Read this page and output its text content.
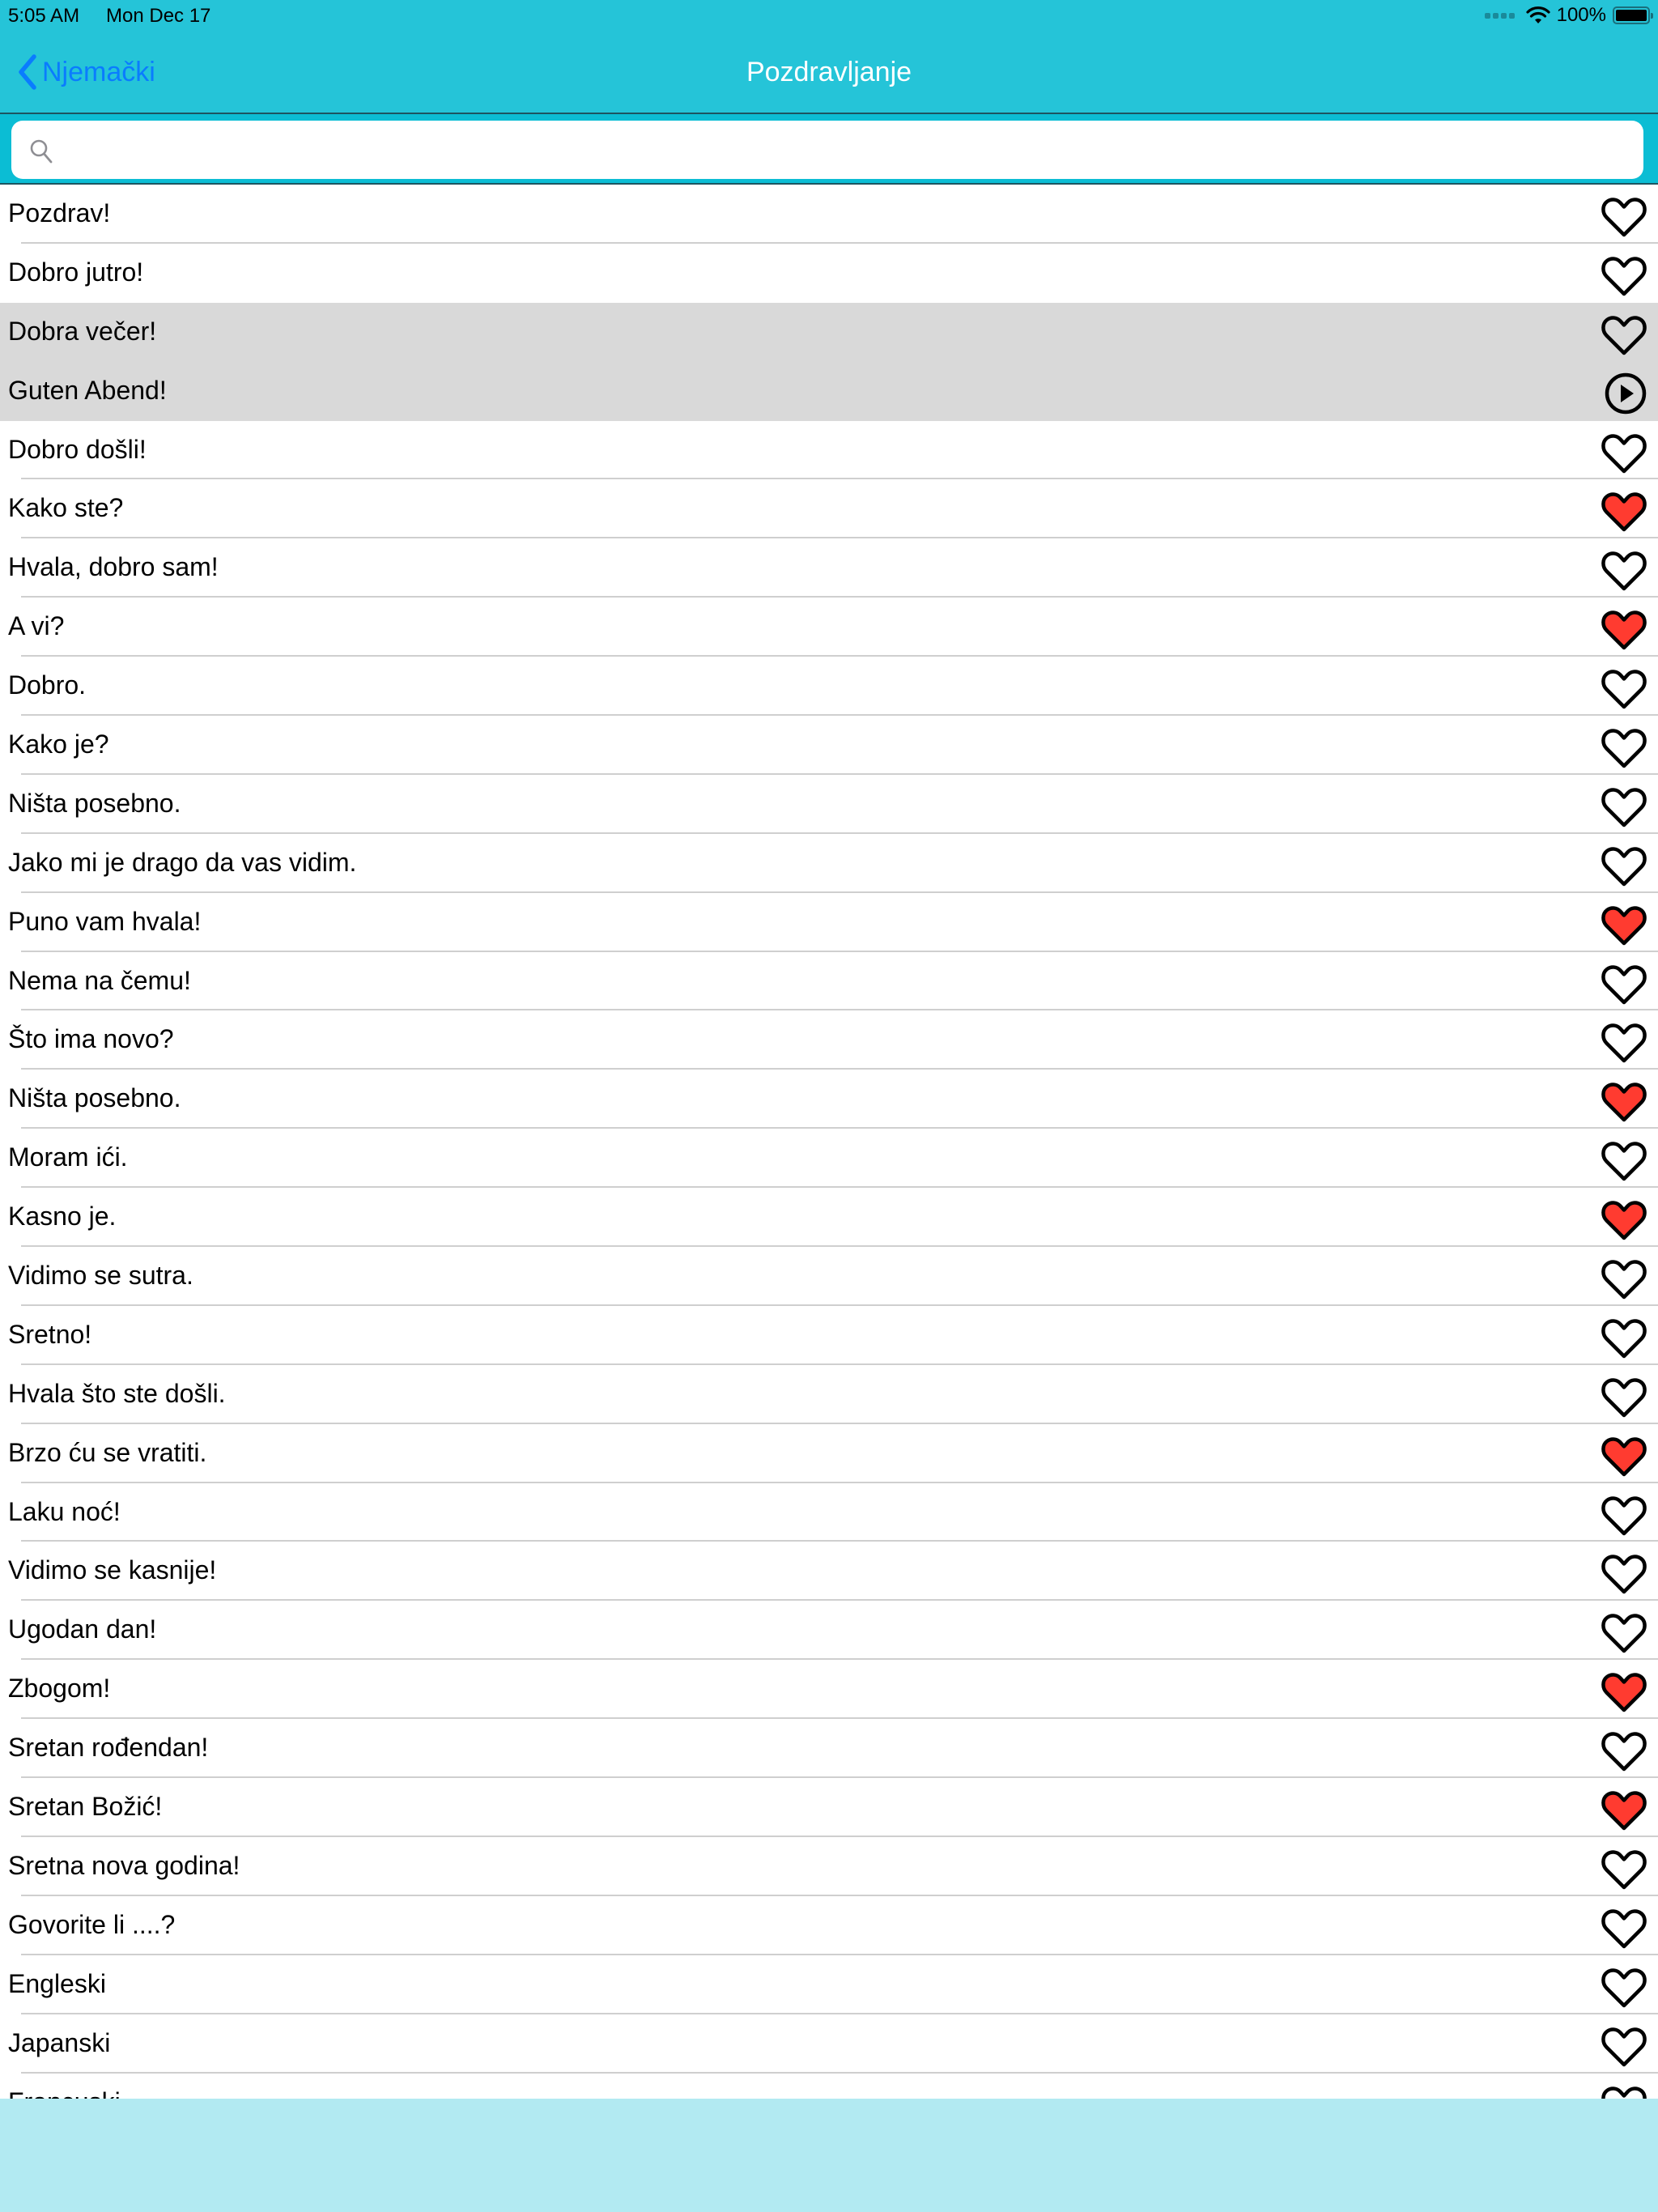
5:05 AM Mon Dec 17	100%
Njemački	Pozdravljanje
Pozdrav!
Dobro jutro!
Dobra večer!
Guten Abend!
Dobro došli!
Kako ste?
Hvala, dobro sam!
A vi?
Dobro.
Kako je?
Ništa posebno.
Jako mi je drago da vas vidim.
Puno vam hvala!
Nema na čemu!
Što ima novo?
Ništa posebno.
Moram ići.
Kasno je.
Vidimo se sutra.
Sretno!
Hvala što ste došli.
Brzo ću se vratiti.
Laku noć!
Vidimo se kasnije!
Ugodan dan!
Zbogom!
Sretan rođendan!
Sretan Božić!
Sretna nova godina!
Govorite li ....?
Engleski
Japanski
